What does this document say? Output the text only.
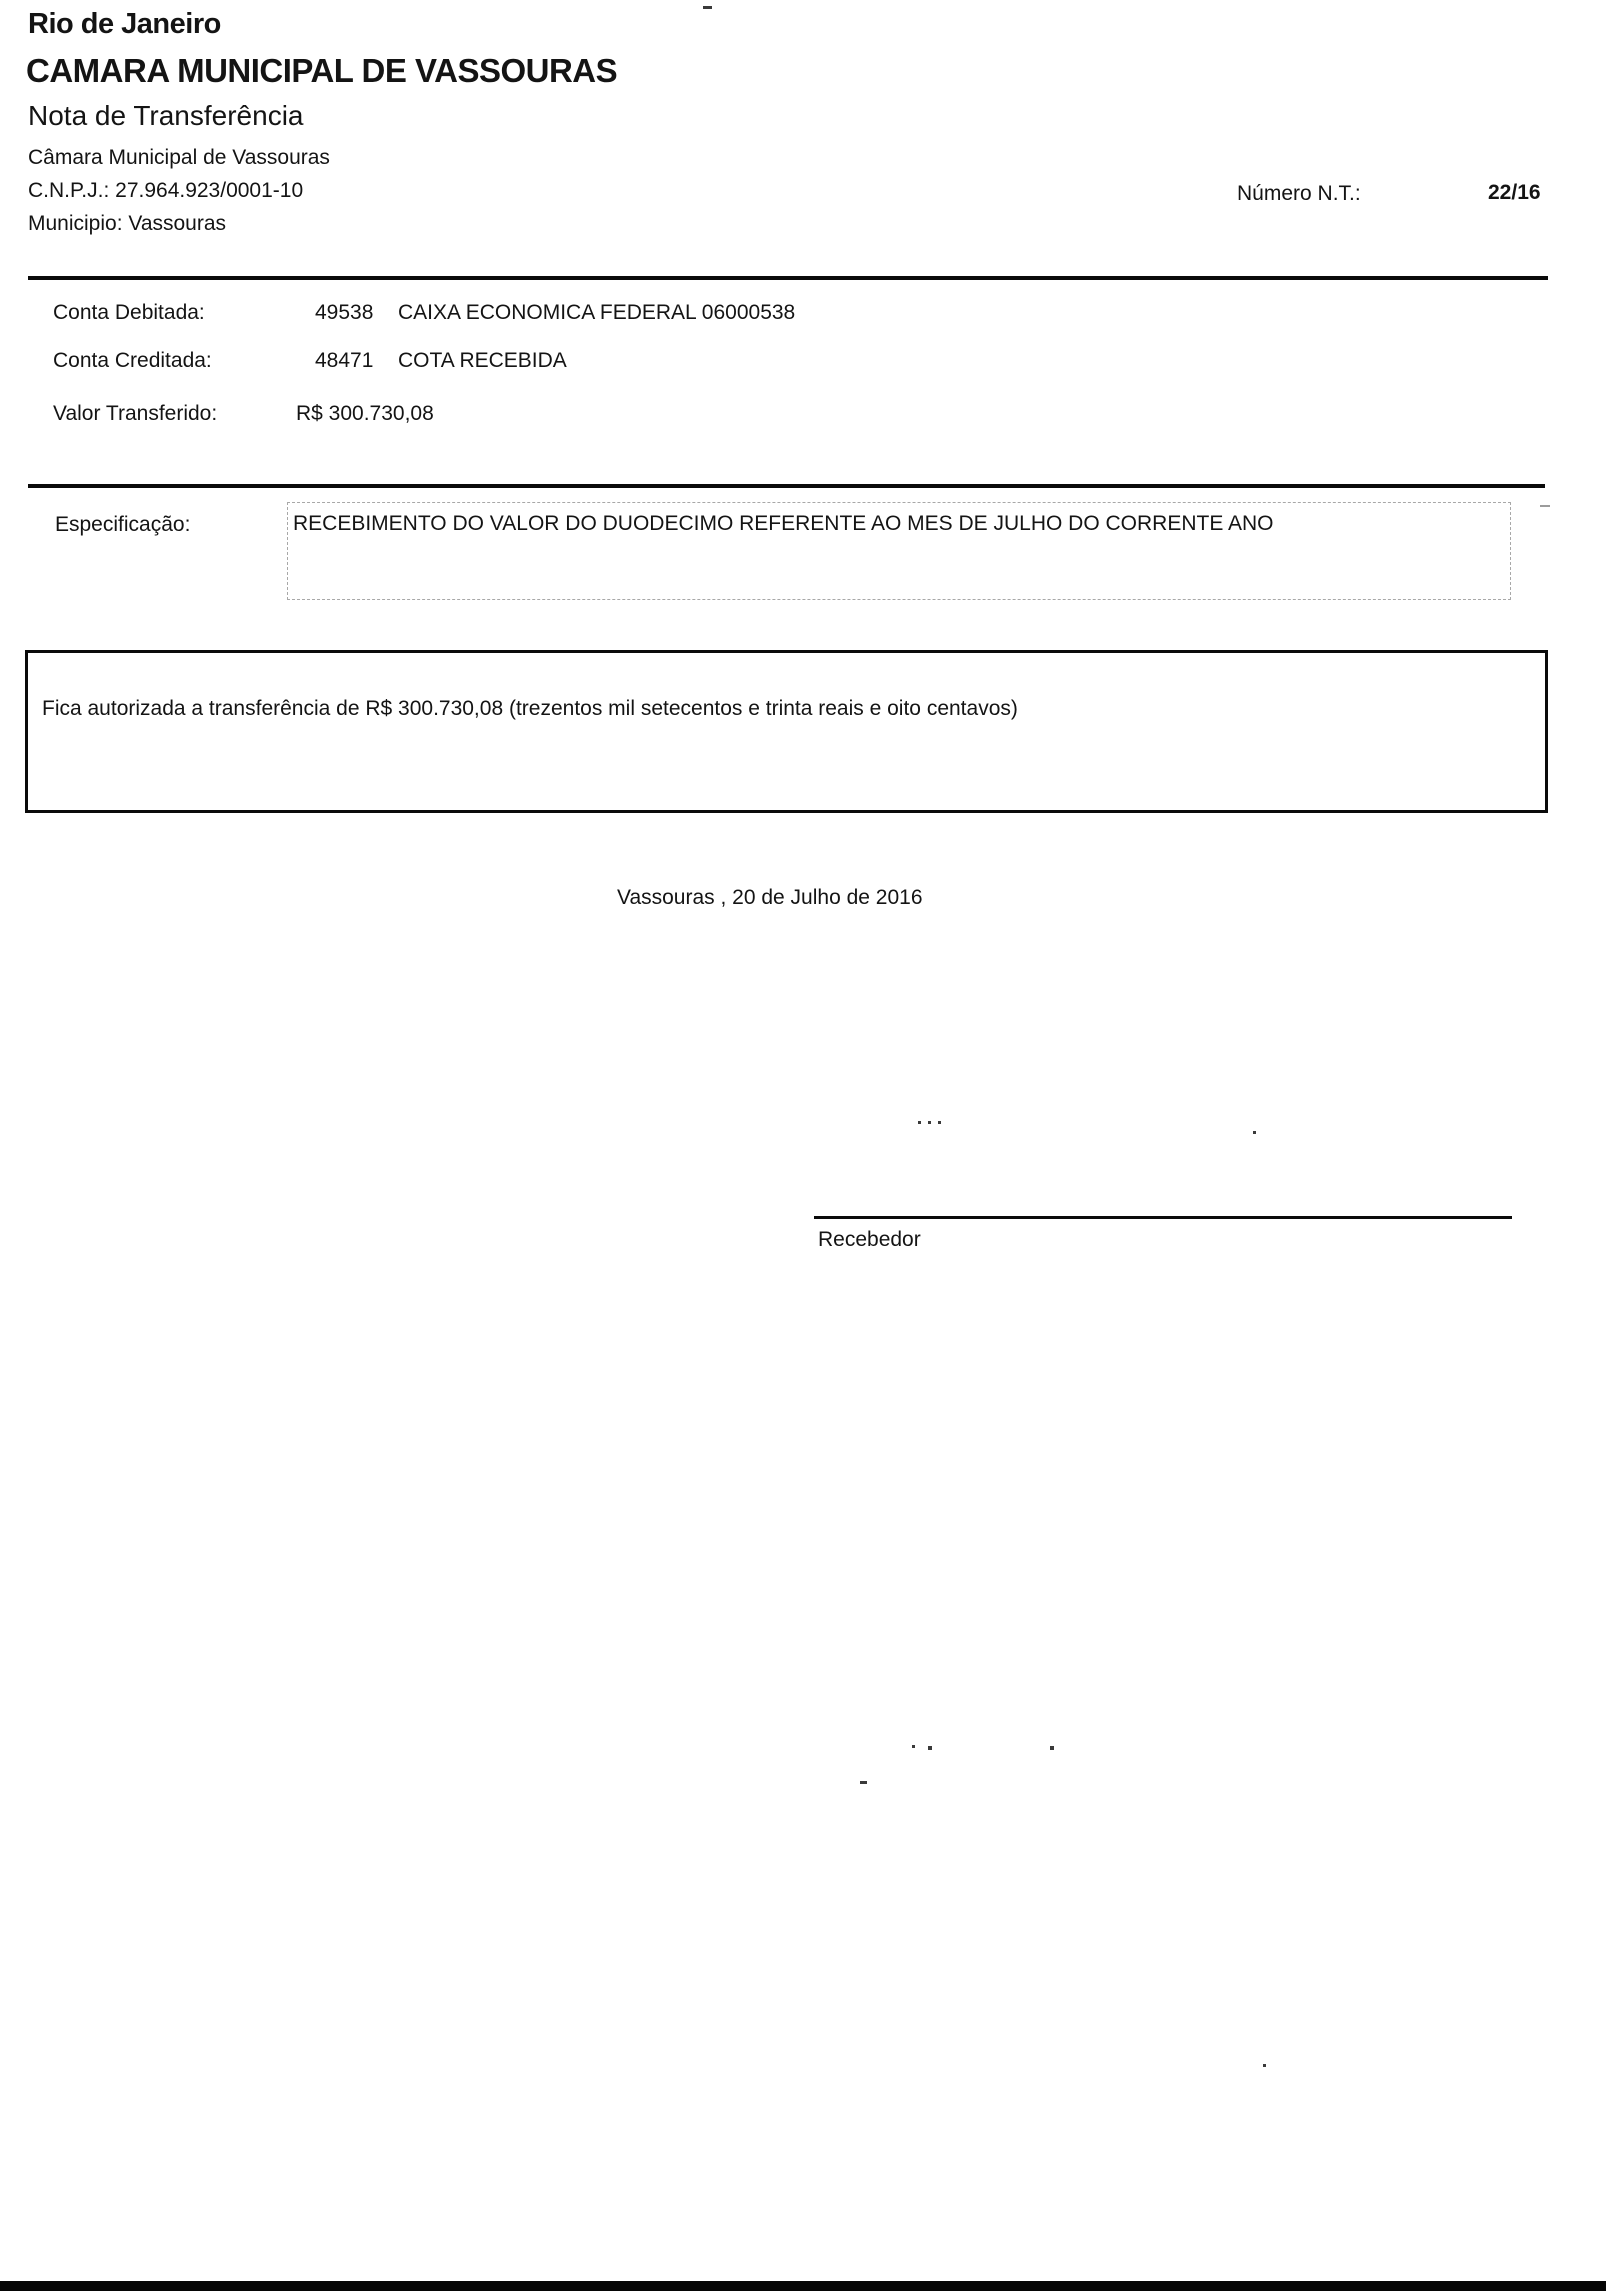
Rio de Janeiro
CAMARA MUNICIPAL DE VASSOURAS
Nota de Transferência
Câmara Municipal de Vassouras
C.N.P.J.: 27.964.923/0001-10	Número N.T.:	22/16
Municipio: Vassouras
Conta Debitada:	49538 CAIXA ECONOMICA FEDERAL 06000538
Conta Creditada:	48471 COTA RECEBIDA
Valor Transferido:	R$ 300.730,08
Especificação:	RECEBIMENTO DO VALOR DO DUODECIMO REFERENTE AO MES DE JULHO DO CORRENTE ANO
Fica autorizada a transferência de R$ 300.730,08 (trezentos mil setecentos e trinta reais e oito centavos)
Vassouras , 20 de Julho de 2016
Recebedor
